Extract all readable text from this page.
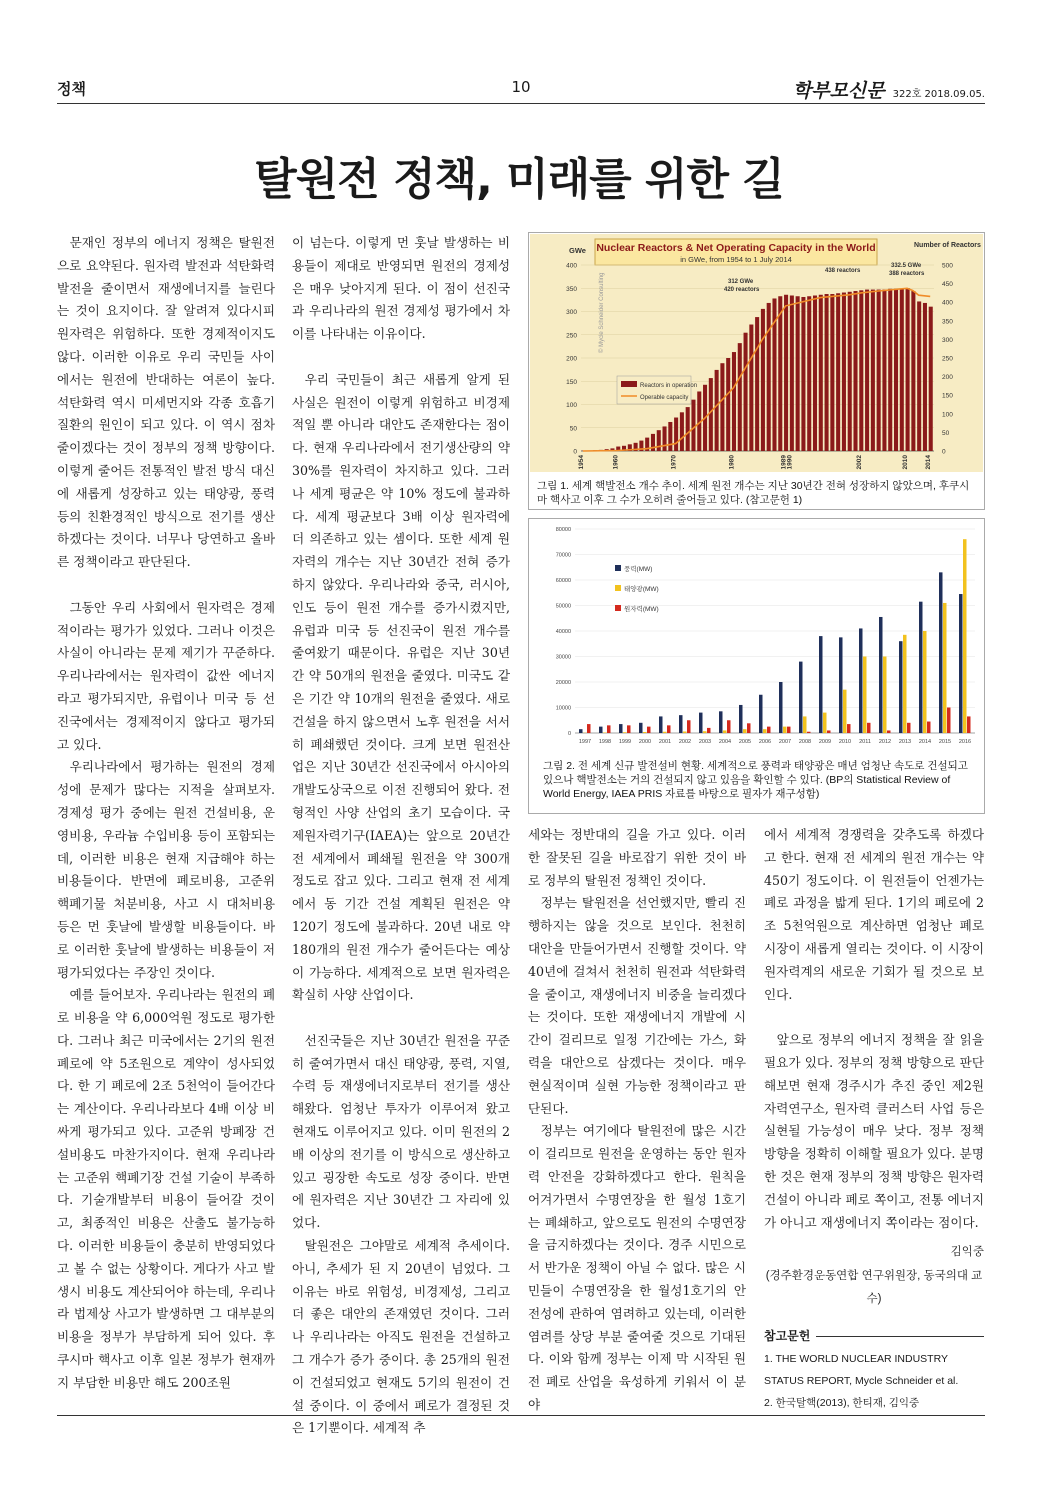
정책	10	학부모신문 322호 2018.09.05.
탈원전 정책, 미래를 위한 길

문재인 정부의 에너지 정책은 탈원전으로 요약된다. 원자력 발전과 석탄화력 발전을 줄이면서 재생에너지를 늘린다는 것이 요지이다. 잘 알려져 있다시피 원자력은 위험하다. 또한 경제적이지도 않다. 이러한 이유로 우리 국민들 사이에서는 원전에 반대하는 여론이 높다. 석탄화력 역시 미세먼지와 각종 호흡기질환의 원인이 되고 있다. 이 역시 점차 줄이겠다는 것이 정부의 정책 방향이다. 이렇게 줄어든 전통적인 발전 방식 대신에 새롭게 성장하고 있는 태양광, 풍력 등의 친환경적인 방식으로 전기를 생산하겠다는 것이다. 너무나 당연하고 올바른 정책이라고 판단된다.

그동안 우리 사회에서 원자력은 경제적이라는 평가가 있었다. 그러나 이것은 사실이 아니라는 문제 제기가 꾸준하다. 우리나라에서는 원자력이 값싼 에너지라고 평가되지만, 유럽이나 미국 등 선진국에서는 경제적이지 않다고 평가되고 있다.

우리나라에서 평가하는 원전의 경제성에 문제가 많다는 지적을 살펴보자. 경제성 평가 중에는 원전 건설비용, 운영비용, 우라늄 수입비용 등이 포함되는데, 이러한 비용은 현재 지급해야 하는 비용들이다. 반면에 폐로비용, 고준위 핵폐기물 처분비용, 사고 시 대처비용 등은 먼 훗날에 발생할 비용들이다. 바로 이러한 훗날에 발생하는 비용들이 저평가되었다는 주장인 것이다.

예를 들어보자. 우리나라는 원전의 폐로 비용을 약 6,000억원 정도로 평가한다. 그러나 최근 미국에서는 2기의 원전 폐로에 약 5조원으로 계약이 성사되었다. 한 기 폐로에 2조 5천억이 들어간다는 계산이다. 우리나라보다 4배 이상 비싸게 평가되고 있다. 고준위 방폐장 건설비용도 마찬가지이다. 현재 우리나라는 고준위 핵폐기장 건설 기술이 부족하다. 기술개발부터 비용이 들어갈 것이고, 최종적인 비용은 산출도 불가능하다. 이러한 비용들이 충분히 반영되었다고 볼 수 없는 상황이다. 게다가 사고 발생시 비용도 계산되어야 하는데, 우리나라 법제상 사고가 발생하면 그 대부분의 비용을 정부가 부담하게 되어 있다. 후쿠시마 핵사고 이후 일본 정부가 현재까지 부담한 비용만 해도 200조원

이 넘는다. 이렇게 먼 훗날 발생하는 비용들이 제대로 반영되면 원전의 경제성은 매우 낮아지게 된다. 이 점이 선진국과 우리나라의 원전 경제성 평가에서 차이를 나타내는 이유이다.

우리 국민들이 최근 새롭게 알게 된 사실은 원전이 이렇게 위험하고 비경제적일 뿐 아니라 대안도 존재한다는 점이다. 현재 우리나라에서 전기생산량의 약 30%를 원자력이 차지하고 있다. 그러나 세계 평균은 약 10% 정도에 불과하다. 세계 평균보다 3배 이상 원자력에 더 의존하고 있는 셈이다. 또한 세계 원자력의 개수는 지난 30년간 전혀 증가하지 않았다. 우리나라와 중국, 러시아, 인도 등이 원전 개수를 증가시켰지만, 유럽과 미국 등 선진국이 원전 개수를 줄여왔기 때문이다. 유럽은 지난 30년간 약 50개의 원전을 줄였다. 미국도 같은 기간 약 10개의 원전을 줄였다. 새로 건설을 하지 않으면서 노후 원전을 서서히 폐쇄했던 것이다. 크게 보면 원전산업은 지난 30년간 선진국에서 아시아의 개발도상국으로 이전 진행되어 왔다. 전형적인 사양 산업의 초기 모습이다. 국제원자력기구(IAEA)는 앞으로 20년간 전 세계에서 폐쇄될 원전을 약 300개 정도로 잡고 있다. 그리고 현재 전 세계에서 동 기간 건설 계획된 원전은 약 120기 정도에 불과하다. 20년 내로 약 180개의 원전 개수가 줄어든다는 예상이 가능하다. 세계적으로 보면 원자력은 확실히 사양 산업이다.

선진국들은 지난 30년간 원전을 꾸준히 줄여가면서 대신 태양광, 풍력, 지열, 수력 등 재생에너지로부터 전기를 생산해왔다. 엄청난 투자가 이루어져 왔고 현재도 이루어지고 있다. 이미 원전의 2배 이상의 전기를 이 방식으로 생산하고 있고 굉장한 속도로 성장 중이다. 반면에 원자력은 지난 30년간 그 자리에 있었다.

탈원전은 그야말로 세계적 추세이다. 아니, 추세가 된 지 20년이 넘었다. 그 이유는 바로 위험성, 비경제성, 그리고 더 좋은 대안의 존재였던 것이다. 그러나 우리나라는 아직도 원전을 건설하고 그 개수가 증가 중이다. 총 25개의 원전이 건설되었고 현재도 5기의 원전이 건설 중이다. 이 중에서 폐로가 결정된 것은 1기뿐이다. 세계적 추

Nuclear Reactors & Net Operating Capacity in the World
in GWe, from 1954 to 1 July 2014
GWe
Number of Reactors
0
50
100
150
200
250
300
350
400
0
50
100
150
200
250
300
350
400
450
500
1954	1960	1970	1980	1989
1990	2002	2010 2014
© Mycle Schneider Consulting
Reactors in operation
Operable capacity
312 GWe
420 reactors
438 reactors
332.5 GWe
388 reactors
그림 1. 세계 핵발전소 개수 추이. 세계 원전 개수는 지난 30년간 전혀 성장하지 않았으며, 후쿠시마 핵사고 이후 그 수가 오히려 줄어들고 있다. (참고문헌 1)
0
10000
20000
30000
40000
50000
60000
70000
80000
1997 1998 1999 2000 2001 2002 2003 2004 2005 2006 2007 2008 2009 2010 2011 2012 2013 2014 2015 2016
풍력(MW)
태양광(MW)
원자력(MW)
그림 2. 전 세계 신규 발전설비 현황. 세계적으로 풍력과 태양광은 매년 엄청난 속도로 건설되고 있으나 핵발전소는 거의 건설되지 않고 있음을 확인할 수 있다. (BP의 Statistical Review of World Energy, IAEA PRIS 자료를 바탕으로 필자가 재구성함)

세와는 정반대의 길을 가고 있다. 이러한 잘못된 길을 바로잡기 위한 것이 바로 정부의 탈원전 정책인 것이다.

정부는 탈원전을 선언했지만, 빨리 진행하지는 않을 것으로 보인다. 천천히 대안을 만들어가면서 진행할 것이다. 약 40년에 걸쳐서 천천히 원전과 석탄화력을 줄이고, 재생에너지 비중을 늘리겠다는 것이다. 또한 재생에너지 개발에 시간이 걸리므로 일정 기간에는 가스, 화력을 대안으로 삼겠다는 것이다. 매우 현실적이며 실현 가능한 정책이라고 판단된다.

정부는 여기에다 탈원전에 많은 시간이 걸리므로 원전을 운영하는 동안 원자력 안전을 강화하겠다고 한다. 원칙을 어겨가면서 수명연장을 한 월성 1호기는 폐쇄하고, 앞으로도 원전의 수명연장을 금지하겠다는 것이다. 경주 시민으로서 반가운 정책이 아닐 수 없다. 많은 시민들이 수명연장을 한 월성1호기의 안전성에 관하여 염려하고 있는데, 이러한 염려를 상당 부분 줄여줄 것으로 기대된다. 이와 함께 정부는 이제 막 시작된 원전 폐로 산업을 육성하게 키워서 이 분야

에서 세계적 경쟁력을 갖추도록 하겠다고 한다. 현재 전 세계의 원전 개수는 약 450기 정도이다. 이 원전들이 언젠가는 폐로 과정을 밟게 된다. 1기의 폐로에 2조 5천억원으로 계산하면 엄청난 폐로 시장이 새롭게 열리는 것이다. 이 시장이 원자력계의 새로운 기회가 될 것으로 보인다.

앞으로 정부의 에너지 정책을 잘 읽을 필요가 있다. 정부의 정책 방향으로 판단해보면 현재 경주시가 추진 중인 제2원자력연구소, 원자력 클러스터 사업 등은 실현될 가능성이 매우 낮다. 정부 정책 방향을 정확히 이해할 필요가 있다. 분명한 것은 현재 정부의 정책 방향은 원자력 건설이 아니라 폐로 쪽이고, 전통 에너지가 아니고 재생에너지 쪽이라는 점이다.

김익중
(경주환경운동연합 연구위원장, 동국의대 교수)
참고문헌
1. THE WORLD NUCLEAR INDUSTRY
STATUS REPORT, Mycle Schneider et al.
2. 한국탈핵(2013), 한티재, 김익중
